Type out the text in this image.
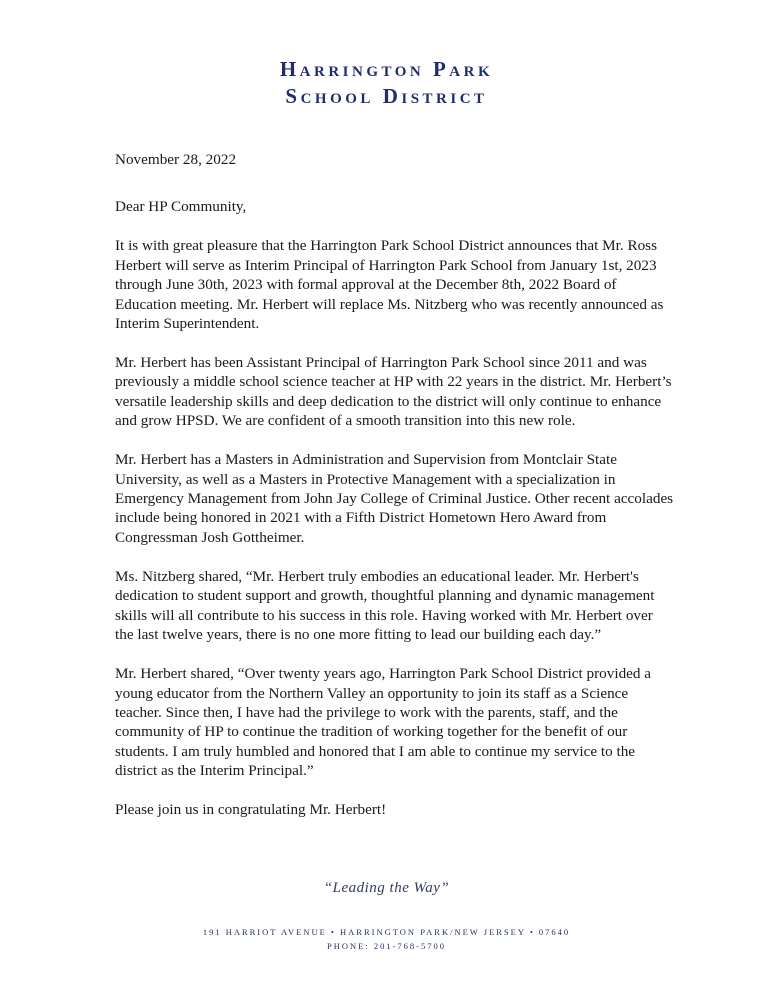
Harrington Park
School District

November 28, 2022

Dear HP Community,

It is with great pleasure that the Harrington Park School District announces that Mr. Ross Herbert will serve as Interim Principal of Harrington Park School from January 1st, 2023 through June 30th, 2023 with formal approval at the December 8th, 2022 Board of Education meeting. Mr. Herbert will replace Ms. Nitzberg who was recently announced as Interim Superintendent.

Mr. Herbert has been Assistant Principal of Harrington Park School since 2011 and was previously a middle school science teacher at HP with 22 years in the district. Mr. Herbert’s versatile leadership skills and deep dedication to the district will only continue to enhance and grow HPSD. We are confident of a smooth transition into this new role.

Mr. Herbert has a Masters in Administration and Supervision from Montclair State University, as well as a Masters in Protective Management with a specialization in Emergency Management from John Jay College of Criminal Justice. Other recent accolades include being honored in 2021 with a Fifth District Hometown Hero Award from Congressman Josh Gottheimer.

Ms. Nitzberg shared, “Mr. Herbert truly embodies an educational leader. Mr. Herbert's dedication to student support and growth, thoughtful planning and dynamic management skills will all contribute to his success in this role. Having worked with Mr. Herbert over the last twelve years, there is no one more fitting to lead our building each day.”

Mr. Herbert shared, “Over twenty years ago, Harrington Park School District provided a young educator from the Northern Valley an opportunity to join its staff as a Science teacher. Since then, I have had the privilege to work with the parents, staff, and the community of HP to continue the tradition of working together for the benefit of our students. I am truly humbled and honored that I am able to continue my service to the district as the Interim Principal.”

Please join us in congratulating Mr. Herbert!

“Leading the Way”
191 HARRIOT AVENUE • HARRINGTON PARK/NEW JERSEY • 07640
PHONE: 201-768-5700
